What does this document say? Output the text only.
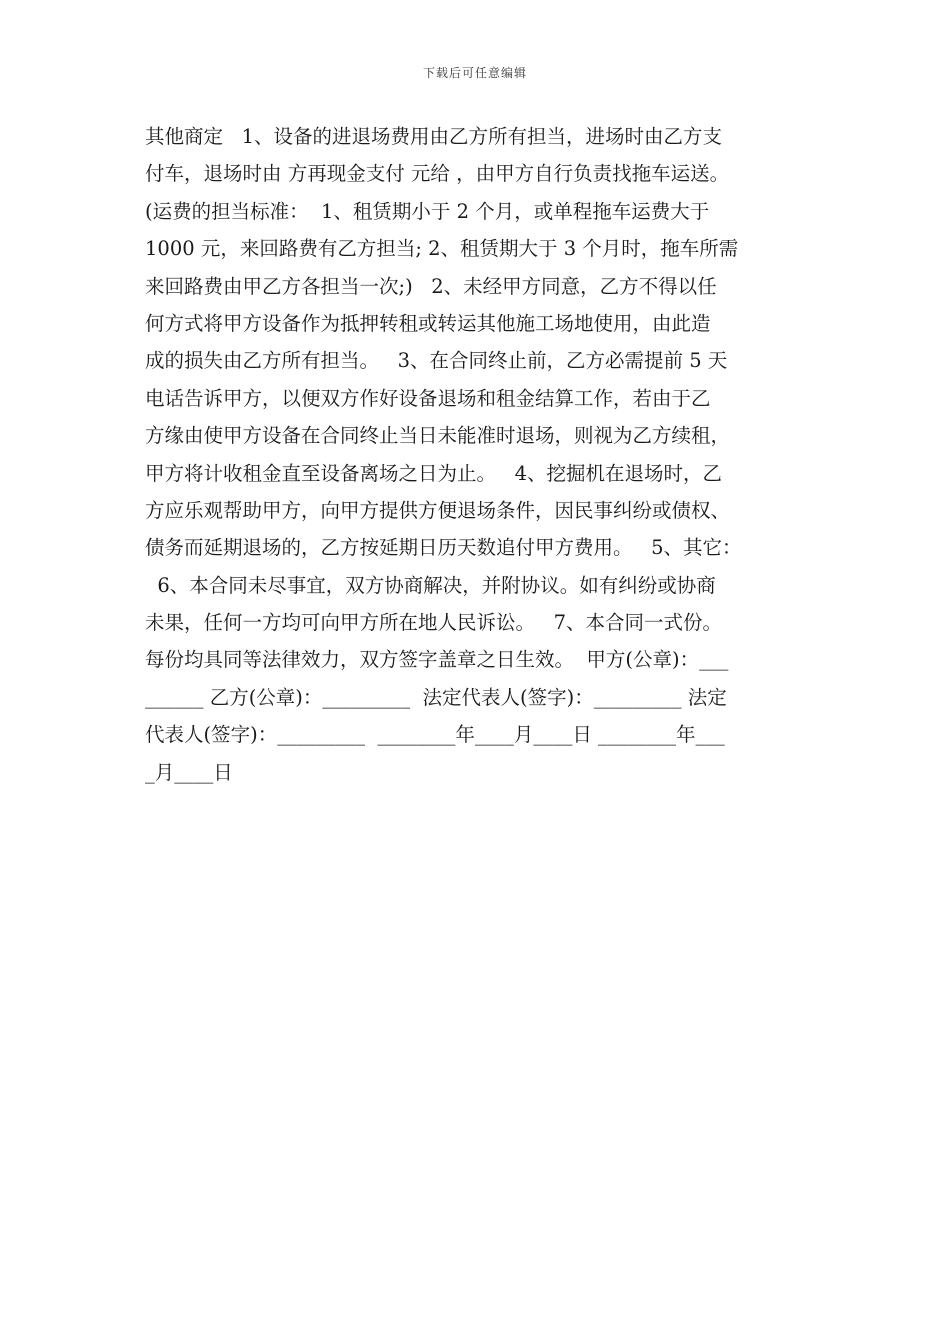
下载后可任意编辑
其他商定   1、设备的进退场费用由乙方所有担当，进场时由乙方支
付车，退场时由 方再现金支付 元给 ，由甲方自行负责找拖车运送。
(运费的担当标准：  1、租赁期小于 2 个月，或单程拖车运费大于
1000 元，来回路费有乙方担当; 2、租赁期大于 3 个月时，拖车所需
来回路费由甲乙方各担当一次;)   2、未经甲方同意，乙方不得以任
何方式将甲方设备作为抵押转租或转运其他施工场地使用，由此造
成的损失由乙方所有担当。   3、在合同终止前，乙方必需提前 5 天
电话告诉甲方，以便双方作好设备退场和租金结算工作，若由于乙
方缘由使甲方设备在合同终止当日未能准时退场，则视为乙方续租，
甲方将计收租金直至设备离场之日为止。   4、挖掘机在退场时，乙
方应乐观帮助甲方，向甲方提供方便退场条件，因民事纠纷或债权、
债务而延期退场的，乙方按延期日历天数追付甲方费用。   5、其它：
6、本合同未尽事宜，双方协商解决，并附协议。如有纠纷或协商
未果，任何一方均可向甲方所在地人民诉讼。   7、本合同一式份。
每份均具同等法律效力，双方签字盖章之日生效。  甲方(公章)：___
______ 乙方(公章)：_________  法定代表人(签字)：_________ 法定
代表人(签字)：_________  ________年____月____日 ________年___
_月____日
